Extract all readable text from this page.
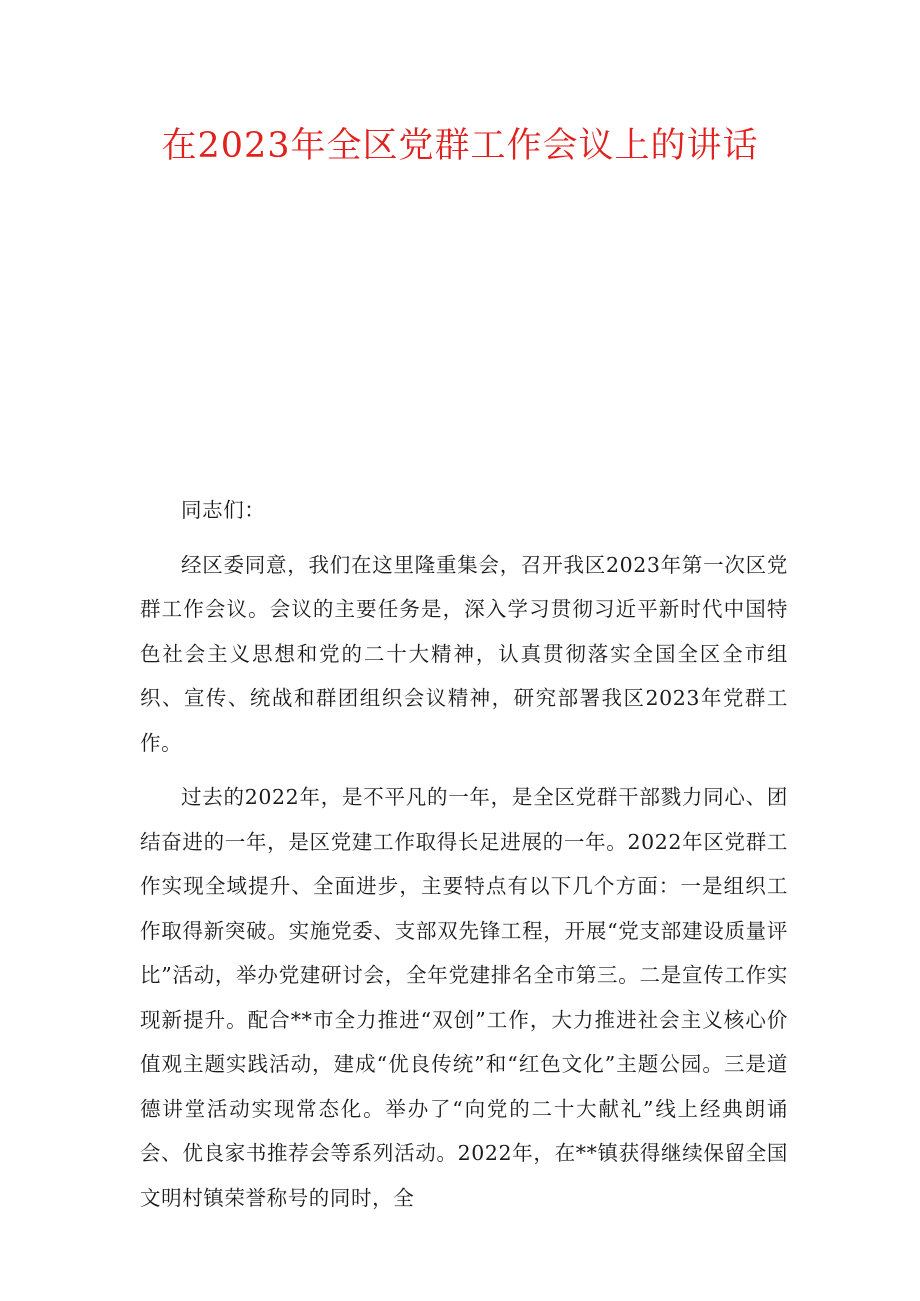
在2023年全区党群工作会议上的讲话

同志们：

经区委同意，我们在这里隆重集会，召开我区2023年第一次区党群工作会议。会议的主要任务是，深入学习贯彻习近平新时代中国特色社会主义思想和党的二十大精神，认真贯彻落实全国全区全市组织、宣传、统战和群团组织会议精神，研究部署我区2023年党群工作。

过去的2022年，是不平凡的一年，是全区党群干部戮力同心、团结奋进的一年，是区党建工作取得长足进展的一年。2022年区党群工作实现全域提升、全面进步，主要特点有以下几个方面：一是组织工作取得新突破。实施党委、支部双先锋工程，开展“党支部建设质量评比”活动，举办党建研讨会，全年党建排名全市第三。二是宣传工作实现新提升。配合**市全力推进“双创”工作，大力推进社会主义核心价值观主题实践活动，建成“优良传统”和“红色文化”主题公园。三是道德讲堂活动实现常态化。举办了“向党的二十大献礼”线上经典朗诵会、优良家书推荐会等系列活动。2022年，在**镇获得继续保留全国文明村镇荣誉称号的同时，全
